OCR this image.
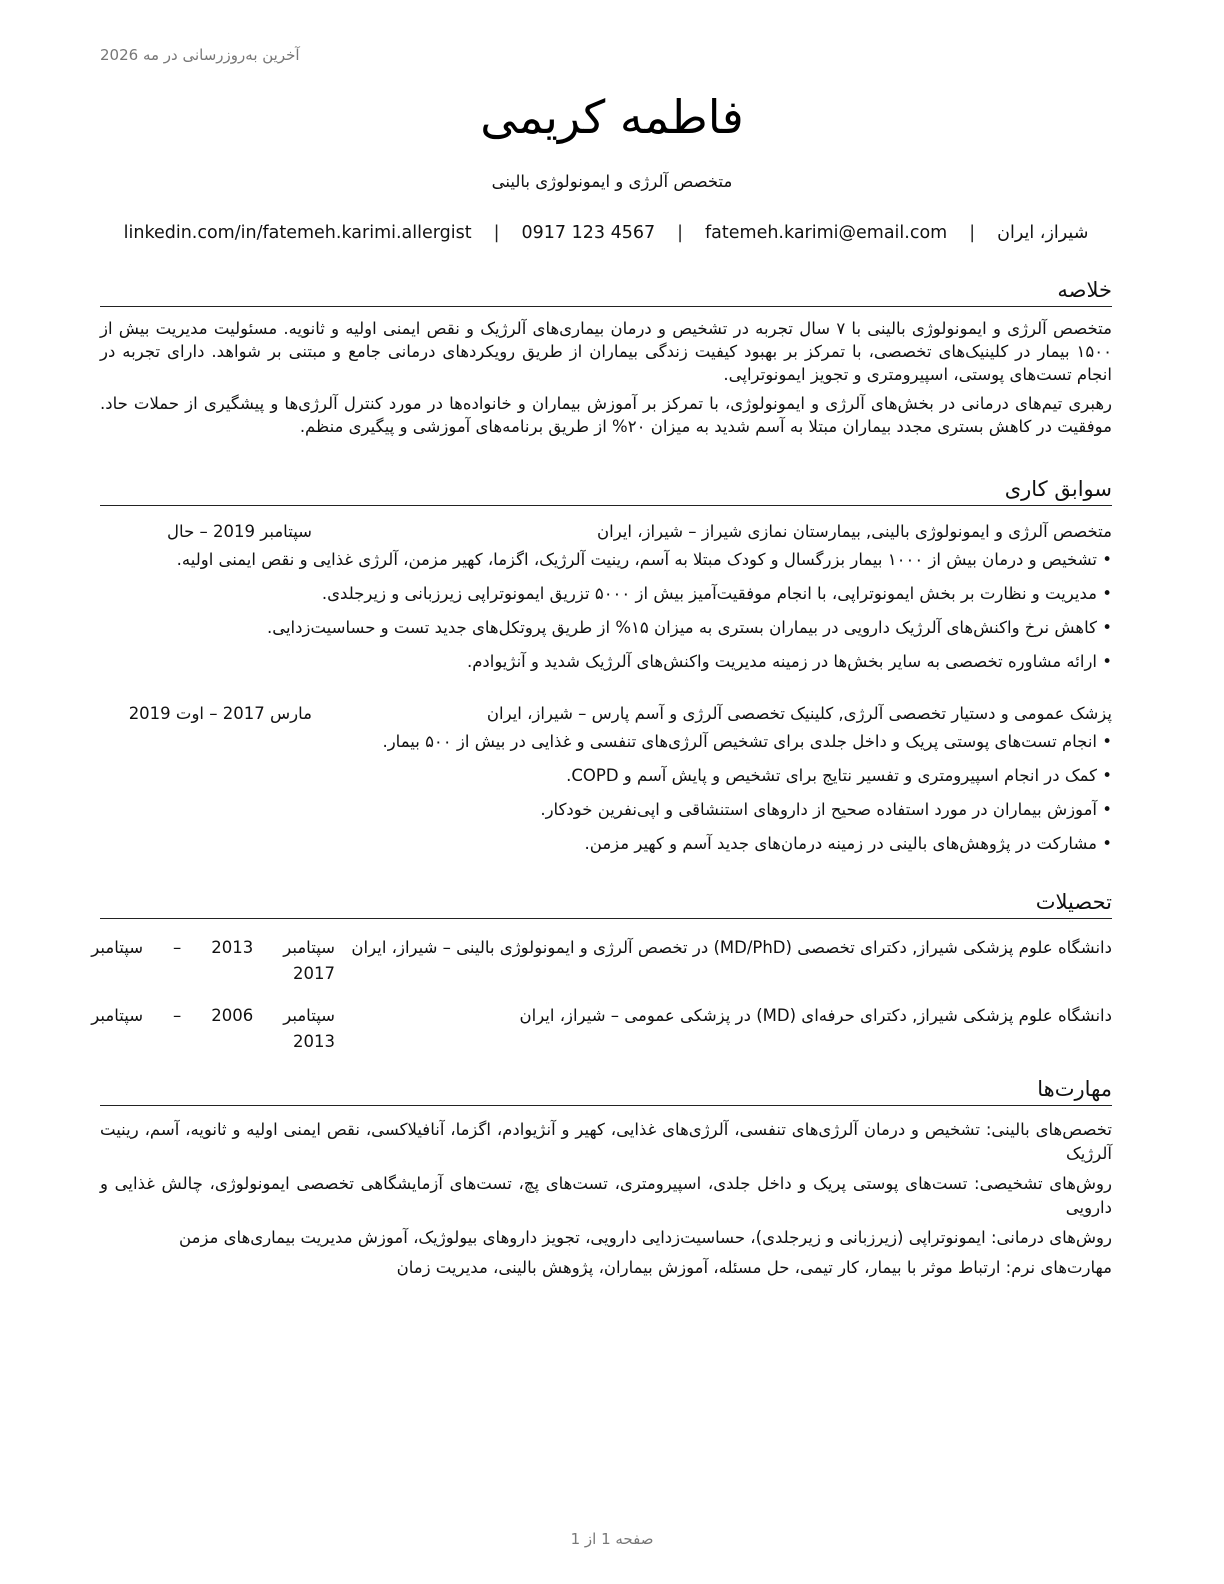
آخرین به‌روزرسانی در مه 2026
فاطمه کریمی
متخصص آلرژی و ایمونولوژی بالینی
شیراز، ایران
|
fatemeh.karimi@email.com
|
0917 123 4567
|
linkedin.com/in/fatemeh.karimi.allergist
خلاصه

متخصص آلرژی و ایمونولوژی بالینی با ۷ سال تجربه در تشخیص و درمان بیماری‌های آلرژیک و نقص ایمنی اولیه و ثانویه. مسئولیت مدیریت بیش از ۱۵۰۰ بیمار در کلینیک‌های تخصصی، با تمرکز بر بهبود کیفیت زندگی بیماران از طریق رویکردهای درمانی جامع و مبتنی بر شواهد. دارای تجربه در انجام تست‌های پوستی، اسپیرومتری و تجویز ایمونوتراپی.

رهبری تیم‌های درمانی در بخش‌های آلرژی و ایمونولوژی، با تمرکز بر آموزش بیماران و خانواده‌ها در مورد کنترل آلرژی‌ها و پیشگیری از حملات حاد. موفقیت در کاهش بستری مجدد بیماران مبتلا به آسم شدید به میزان ۲۰% از طریق برنامه‌های آموزشی و پیگیری منظم.

سوابق کاری
متخصص آلرژی و ایمونولوژی بالینی, بیمارستان نمازی شیراز – شیراز، ایران
سپتامبر 2019 – حال
• تشخیص و درمان بیش از ۱۰۰۰ بیمار بزرگسال و کودک مبتلا به آسم، رینیت آلرژیک، اگزما، کهیر مزمن، آلرژی غذایی و نقص ایمنی اولیه.
• مدیریت و نظارت بر بخش ایمونوتراپی، با انجام موفقیت‌آمیز بیش از ۵۰۰۰ تزریق ایمونوتراپی زیرزبانی و زیرجلدی.
• کاهش نرخ واکنش‌های آلرژیک دارویی در بیماران بستری به میزان ۱۵% از طریق پروتکل‌های جدید تست و حساسیت‌زدایی.
• ارائه مشاوره تخصصی به سایر بخش‌ها در زمینه مدیریت واکنش‌های آلرژیک شدید و آنژیوادم.
پزشک عمومی و دستیار تخصصی آلرژی, کلینیک تخصصی آلرژی و آسم پارس – شیراز، ایران
مارس 2017 – اوت 2019
• انجام تست‌های پوستی پریک و داخل جلدی برای تشخیص آلرژی‌های تنفسی و غذایی در بیش از ۵۰۰ بیمار.
• کمک در انجام اسپیرومتری و تفسیر نتایج برای تشخیص و پایش آسم و COPD.
• آموزش بیماران در مورد استفاده صحیح از داروهای استنشاقی و اپی‌نفرین خودکار.
• مشارکت در پژوهش‌های بالینی در زمینه درمان‌های جدید آسم و کهیر مزمن.
تحصیلات
دانشگاه علوم پزشکی شیراز, دکترای تخصصی (MD/PhD) در تخصص آلرژی و ایمونولوژی بالینی – شیراز، ایران
سپتامبر
2013
–
سپتامبر
2017
دانشگاه علوم پزشکی شیراز, دکترای حرفه‌ای (MD) در پزشکی عمومی – شیراز، ایران
سپتامبر
2006
–
سپتامبر
2013
مهارت‌ها
تخصص‌های بالینی: تشخیص و درمان آلرژی‌های تنفسی، آلرژی‌های غذایی، کهیر و آنژیوادم، اگزما، آنافیلاکسی، نقص ایمنی اولیه و ثانویه، آسم، رینیت آلرژیک
روش‌های تشخیصی: تست‌های پوستی پریک و داخل جلدی، اسپیرومتری، تست‌های پچ، تست‌های آزمایشگاهی تخصصی ایمونولوژی، چالش غذایی و دارویی
روش‌های درمانی: ایمونوتراپی (زیرزبانی و زیرجلدی)، حساسیت‌زدایی دارویی، تجویز داروهای بیولوژیک، آموزش مدیریت بیماری‌های مزمن
مهارت‌های نرم: ارتباط موثر با بیمار، کار تیمی، حل مسئله، آموزش بیماران، پژوهش بالینی، مدیریت زمان
صفحه 1 از 1
